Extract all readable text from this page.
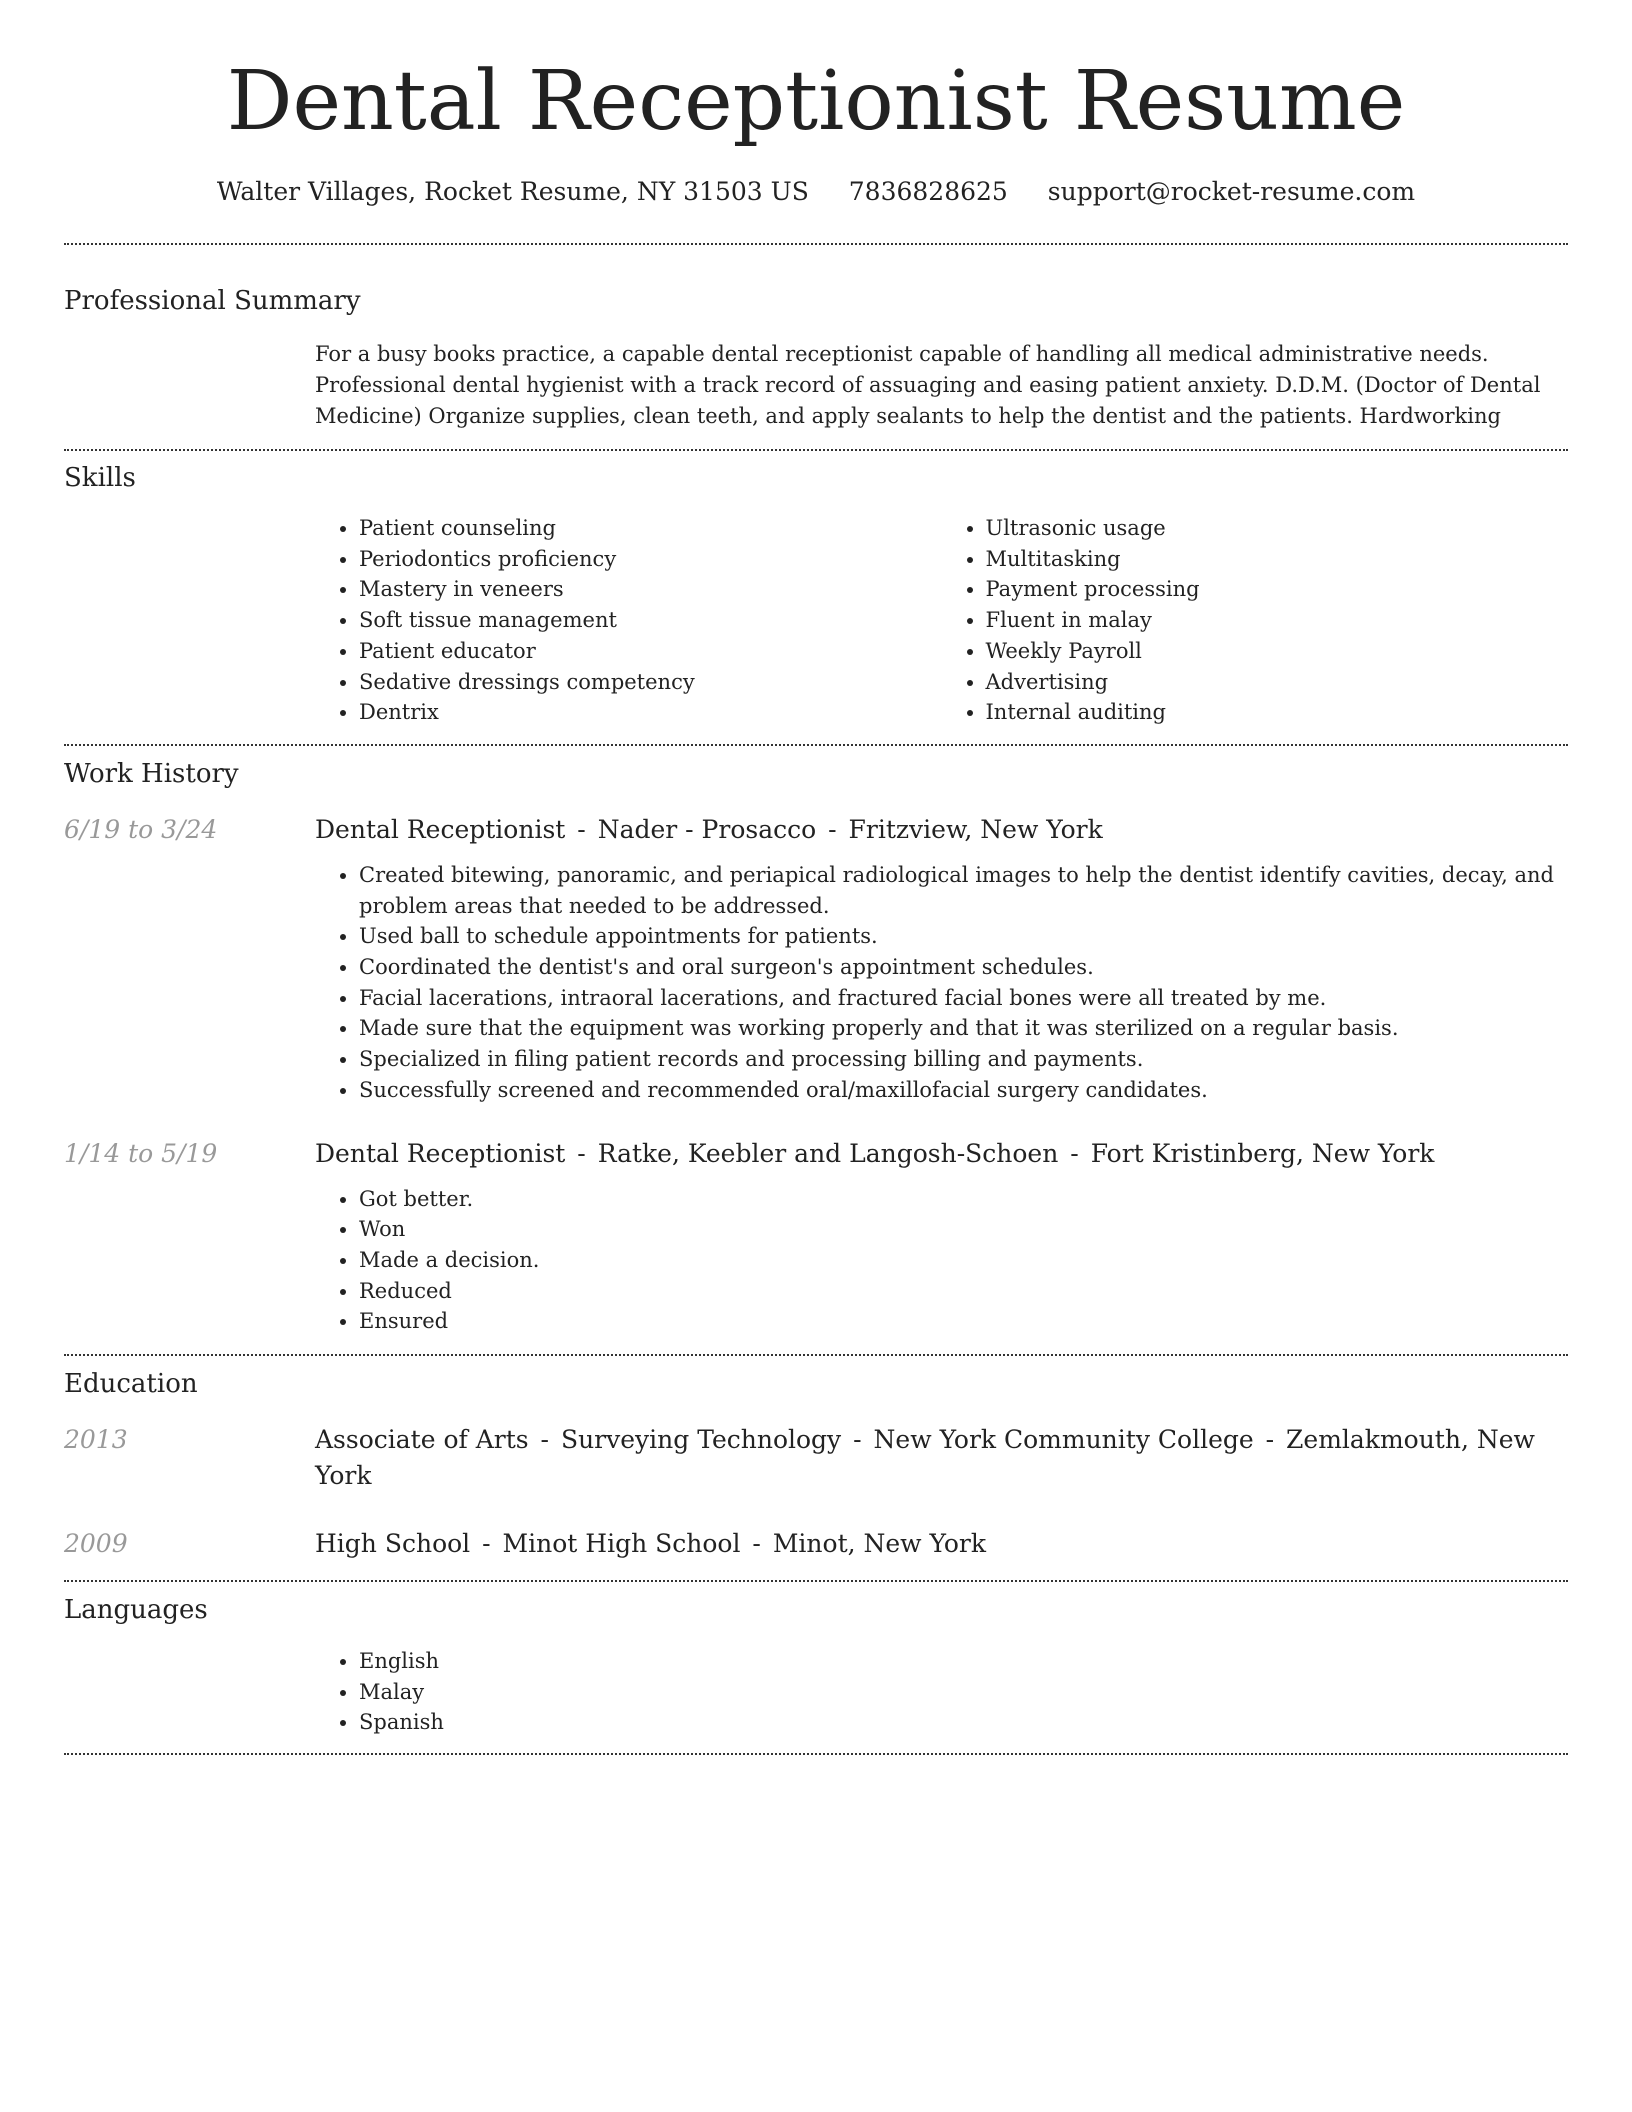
Dental Receptionist Resume
Walter Villages, Rocket Resume, NY 31503 US 7836828625 support@rocket-resume.com
Professional Summary
For a busy books practice, a capable dental receptionist capable of handling all medical administrative needs. Professional dental hygienist with a track record of assuaging and easing patient anxiety. D.D.M. (Doctor of Dental Medicine) Organize supplies, clean teeth, and apply sealants to help the dentist and the patients. Hardworking
Skills
• Patient counseling
• Periodontics proficiency
• Mastery in veneers
• Soft tissue management
• Patient educator
• Sedative dressings competency
• Dentrix
• Ultrasonic usage
• Multitasking
• Payment processing
• Fluent in malay
• Weekly Payroll
• Advertising
• Internal auditing
Work History
6/19 to 3/24	Dental Receptionist - Nader - Prosacco - Fritzview, New York
• Created bitewing, panoramic, and periapical radiological images to help the dentist identify cavities, decay, and problem areas that needed to be addressed.
• Used ball to schedule appointments for patients.
• Coordinated the dentist's and oral surgeon's appointment schedules.
• Facial lacerations, intraoral lacerations, and fractured facial bones were all treated by me.
• Made sure that the equipment was working properly and that it was sterilized on a regular basis.
• Specialized in filing patient records and processing billing and payments.
• Successfully screened and recommended oral/maxillofacial surgery candidates.
1/14 to 5/19	Dental Receptionist - Ratke, Keebler and Langosh-Schoen - Fort Kristinberg, New York
• Got better.
• Won
• Made a decision.
• Reduced
• Ensured
Education
2013	Associate of Arts - Surveying Technology - New York Community College - Zemlakmouth, New York
2009	High School - Minot High School - Minot, New York
Languages
• English
• Malay
• Spanish
